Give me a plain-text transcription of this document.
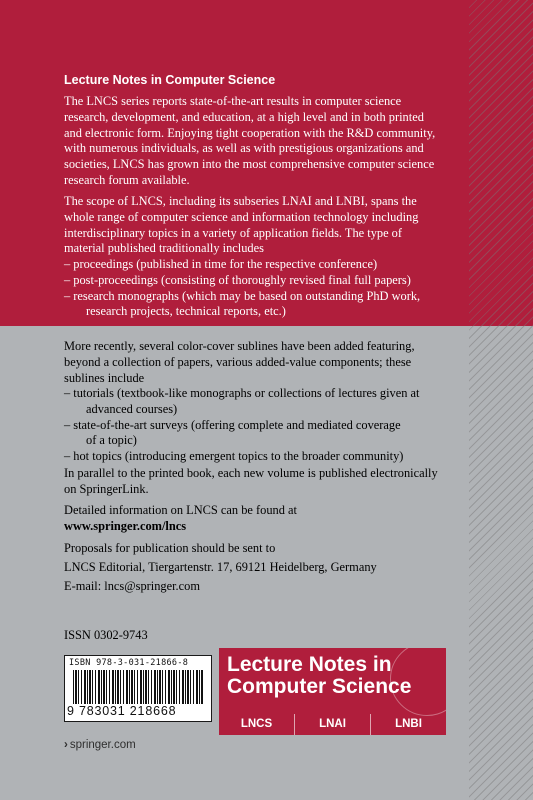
Lecture Notes in Computer Science
The LNCS series reports state-of-the-art results in computer science
research, development, and education, at a high level and in both printed
and electronic form. Enjoying tight cooperation with the R&D community,
with numerous individuals, as well as with prestigious organizations and
societies, LNCS has grown into the most comprehensive computer science
research forum available.
The scope of LNCS, including its subseries LNAI and LNBI, spans the
whole range of computer science and information technology including
interdisciplinary topics in a variety of application fields. The type of
material published traditionally includes
– proceedings (published in time for the respective conference)
– post-proceedings (consisting of thoroughly revised final full papers)
– research monographs (which may be based on outstanding PhD work,
research projects, technical reports, etc.)
More recently, several color-cover sublines have been added featuring,
beyond a collection of papers, various added-value components; these
sublines include
– tutorials (textbook-like monographs or collections of lectures given at
advanced courses)
– state-of-the-art surveys (offering complete and mediated coverage
of a topic)
– hot topics (introducing emergent topics to the broader community)
In parallel to the printed book, each new volume is published electronically
on SpringerLink.
Detailed information on LNCS can be found at
www.springer.com/lncs
Proposals for publication should be sent to
LNCS Editorial, Tiergartenstr. 17, 69121 Heidelberg, Germany
E-mail: lncs@springer.com
ISSN 0302-9743
ISBN 978-3-031-21866-8
9 783031 218668
Lecture Notes in
Computer Science
LNCS	LNAI	LNBI
› springer.com
